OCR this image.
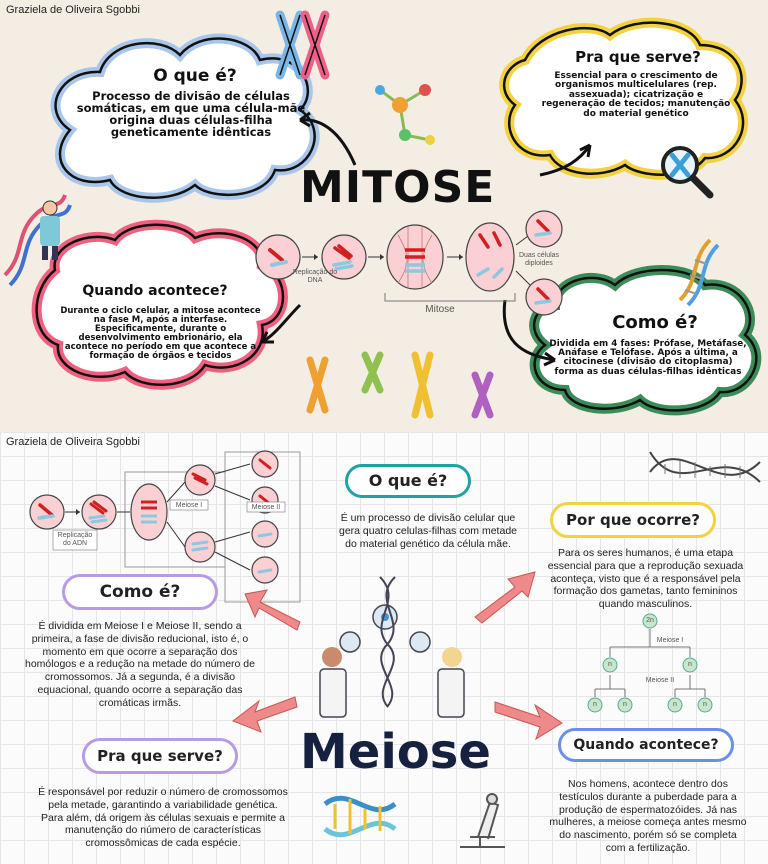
Graziela de Oliveira Sgobbi
O que é?
Processo de divisão de células somáticas, em que uma célula-mãe origina duas células-filha geneticamente idênticas
Pra que serve?
Essencial para o crescimento de organismos multicelulares (rep. assexuada); cicatrização e regeneração de tecidos; manutenção do material genético
MITOSE
Quando acontece?
Durante o ciclo celular, a mitose acontece na fase M, após a interfase. Especificamente, durante o desenvolvimento embrionário, ela acontece no período em que acontece a formação de órgãos e tecidos
Como é?
Dividida em 4 fases: Prófase, Metáfase, Anáfase e Telófase. Após a última, a citocinese (divisão do citoplasma) forma as duas células-filhas idênticas
Replicação do DNA
Duas células diploides
Mitose
Graziela de Oliveira Sgobbi
Replicação do ADN
Meiose I	Meiose II
O que é?
É um processo de divisão celular que gera quatro celulas-filhas com metade do material genético da célula mãe.
Por que ocorre?
Para os seres humanos, é uma etapa essencial para que a reprodução sexuada aconteça, visto que é a responsável pela formação dos gametas, tanto femininos quando masculinos.
Como é?
É dividida em Meiose I e Meiose II, sendo a primeira, a fase de divisão reducional, isto é, o momento em que ocorre a separação dos homólogos e a redução na metade do número de cromossomos. Já a segunda, é a divisão equacional, quando ocorre a separação das cromáticas irmãs.
Pra que serve?
É responsável por reduzir o número de cromossomos pela metade, garantindo a variabilidade genética. Para além, dá origem às células sexuais e permite a manutenção do número de características cromossômicas de cada espécie.
Quando acontece?
Nos homens, acontece dentro dos testículos durante a puberdade para a produção de espermatozóides. Já nas mulheres, a meiose começa antes mesmo do nascimento, porém só se completa com a fertilização.
Meiose
2n
Meiose I
n	n
Meiose II
n	n	n	n
